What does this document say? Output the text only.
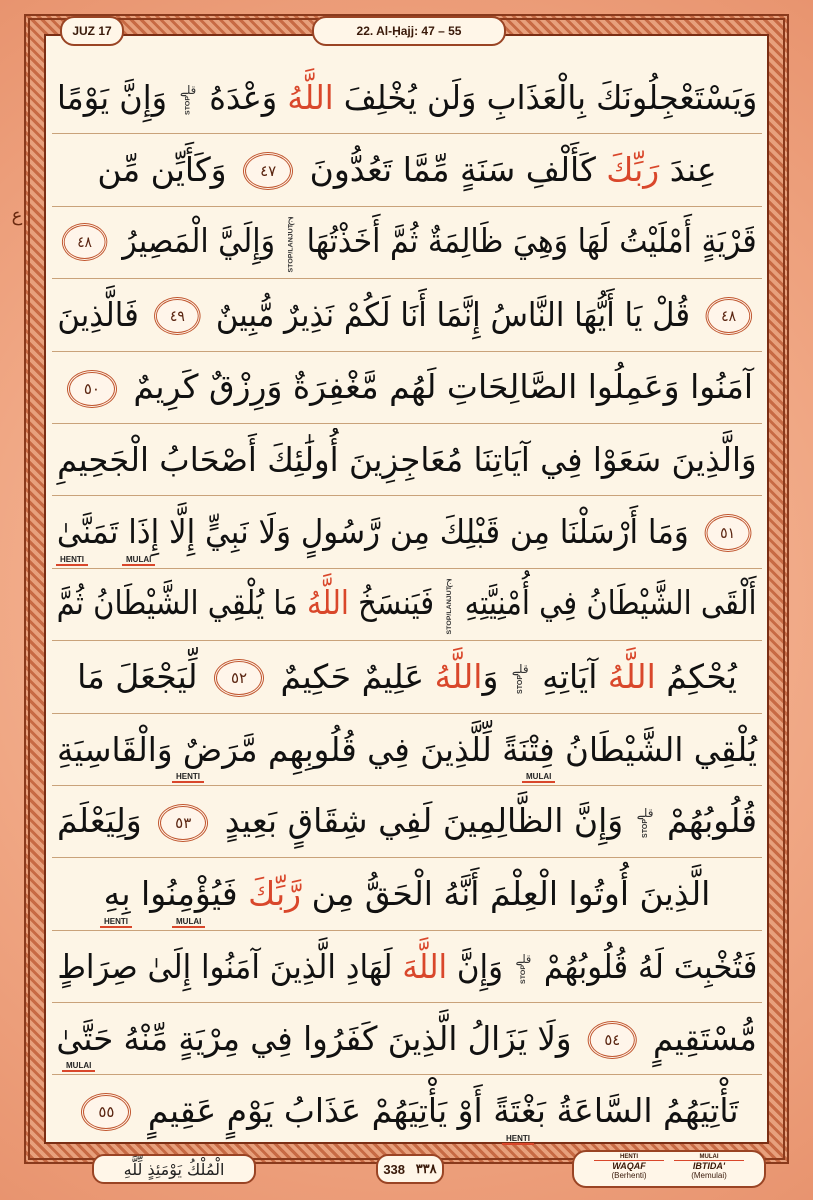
JUZ 17	22. Al-Ḥajj: 47 – 55
ع
وَيَسْتَعْجِلُونَكَ بِالْعَذَابِ وَلَن يُخْلِفَ اللَّهُ وَعْدَهُ
قلے
STOP
وَإِنَّ يَوْمًا
عِندَ رَبِّكَ كَأَلْفِ سَنَةٍ مِّمَّا تَعُدُّونَ ٤٧ وَكَأَيِّن مِّن
قَرْيَةٍ أَمْلَيْتُ لَهَا وَهِيَ ظَالِمَةٌ ثُمَّ أَخَذْتُهَا
ج
STOP/LANJUT
وَإِلَيَّ الْمَصِيرُ ٤٨
٤٨ قُلْ يَا أَيُّهَا النَّاسُ إِنَّمَا أَنَا لَكُمْ نَذِيرٌ مُّبِينٌ ٤٩ فَالَّذِينَ
آمَنُوا وَعَمِلُوا الصَّالِحَاتِ لَهُم مَّغْفِرَةٌ وَرِزْقٌ كَرِيمٌ ٥٠
وَالَّذِينَ سَعَوْا فِي آيَاتِنَا مُعَاجِزِينَ أُولَٰئِكَ أَصْحَابُ الْجَحِيمِ
٥١ وَمَا أَرْسَلْنَا مِن قَبْلِكَ مِن رَّسُولٍ وَلَا نَبِيٍّ إِلَّا إِذَا تَمَنَّىٰ
HENTI	MULAI
أَلْقَى الشَّيْطَانُ فِي أُمْنِيَّتِهِ
ج
STOP/LANJUT
فَيَنسَخُ اللَّهُ مَا يُلْقِي الشَّيْطَانُ ثُمَّ
يُحْكِمُ اللَّهُ آيَاتِهِ
قلے
STOP
وَاللَّهُ عَلِيمٌ حَكِيمٌ ٥٢ لِّيَجْعَلَ مَا
يُلْقِي الشَّيْطَانُ فِتْنَةً لِّلَّذِينَ فِي قُلُوبِهِم مَّرَضٌ وَالْقَاسِيَةِ
HENTI	MULAI
قُلُوبُهُمْ
قلے
STOP
وَإِنَّ الظَّالِمِينَ لَفِي شِقَاقٍ بَعِيدٍ ٥٣ وَلِيَعْلَمَ
الَّذِينَ أُوتُوا الْعِلْمَ أَنَّهُ الْحَقُّ مِن رَّبِّكَ فَيُؤْمِنُوا بِهِ
HENTI	MULAI
فَتُخْبِتَ لَهُ قُلُوبُهُمْ
قلے
STOP
وَإِنَّ اللَّهَ لَهَادِ الَّذِينَ آمَنُوا إِلَىٰ صِرَاطٍ
مُّسْتَقِيمٍ ٥٤ وَلَا يَزَالُ الَّذِينَ كَفَرُوا فِي مِرْيَةٍ مِّنْهُ حَتَّىٰ
MULAI
تَأْتِيَهُمُ السَّاعَةُ بَغْتَةً أَوْ يَأْتِيَهُمْ عَذَابُ يَوْمٍ عَقِيمٍ ٥٥
HENTI
الْمُلْكُ يَوْمَئِذٍ لِّلَّهِ	338 ٣٣٨
HENTI
WAQAF
(Berhenti)
MULAI
IBTIDA'
(Memulai)
